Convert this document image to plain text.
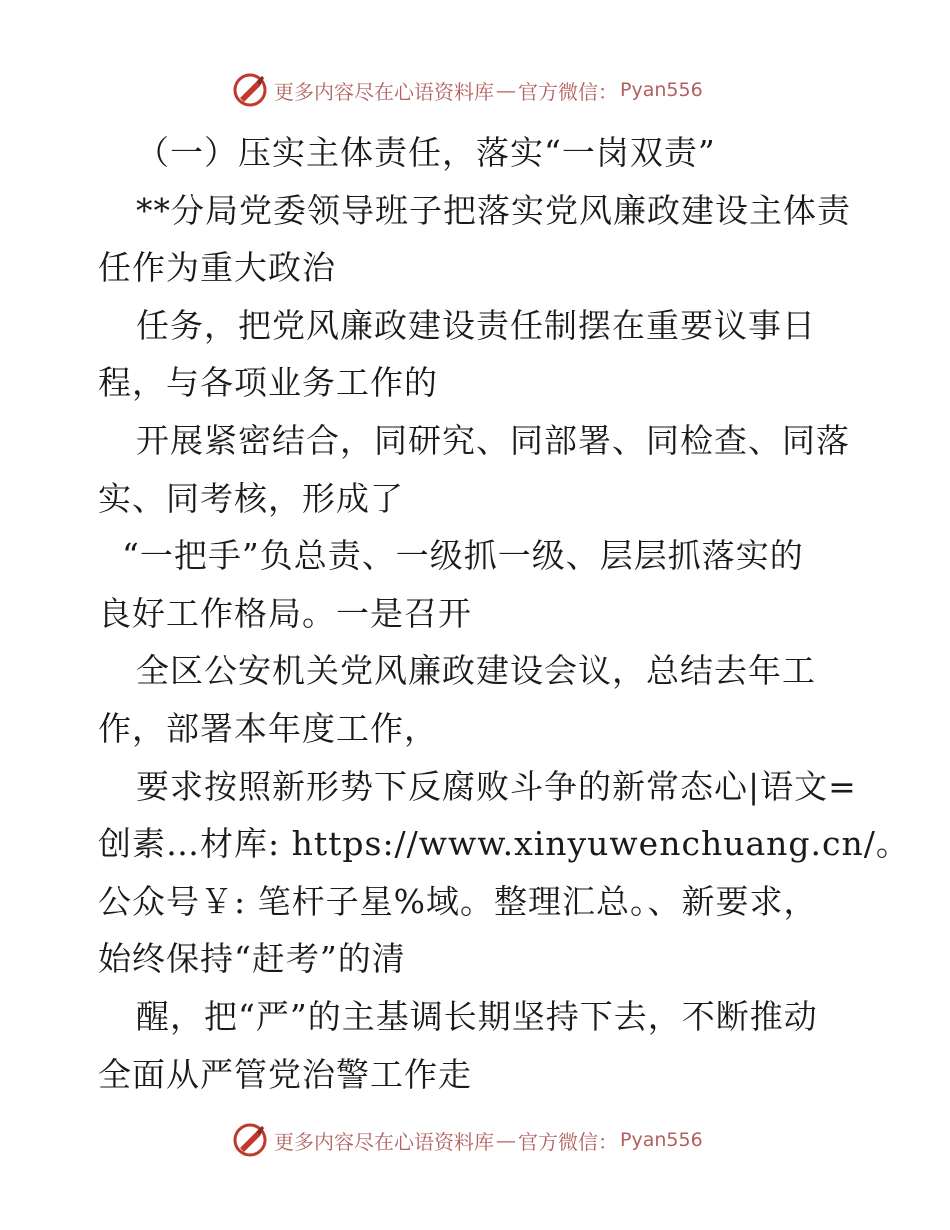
更多内容尽在心语资料库 — 官方微信： Pyan556
（一）压实主体责任，落实“一岗双责”
**分局党委领导班子把落实党风廉政建设主体责
任作为重大政治
任务，把党风廉政建设责任制摆在重要议事日
程，与各项业务工作的
开展紧密结合，同研究、同部署、同检查、同落
实、同考核，形成了
“一把手”负总责、一级抓一级、层层抓落实的
良好工作格局。一是召开
全区公安机关党风廉政建设会议，总结去年工
作，部署本年度工作，
要求按照新形势下反腐败斗争的新常态心|语文=
创素…材库: https://www.xinyuwenchuang.cn/。
公众号￥: 笔杆子星%域。整理汇总。、新要求，
始终保持“赶考”的清
醒，把“严”的主基调长期坚持下去，不断推动
全面从严管党治警工作走
更多内容尽在心语资料库 — 官方微信： Pyan556
